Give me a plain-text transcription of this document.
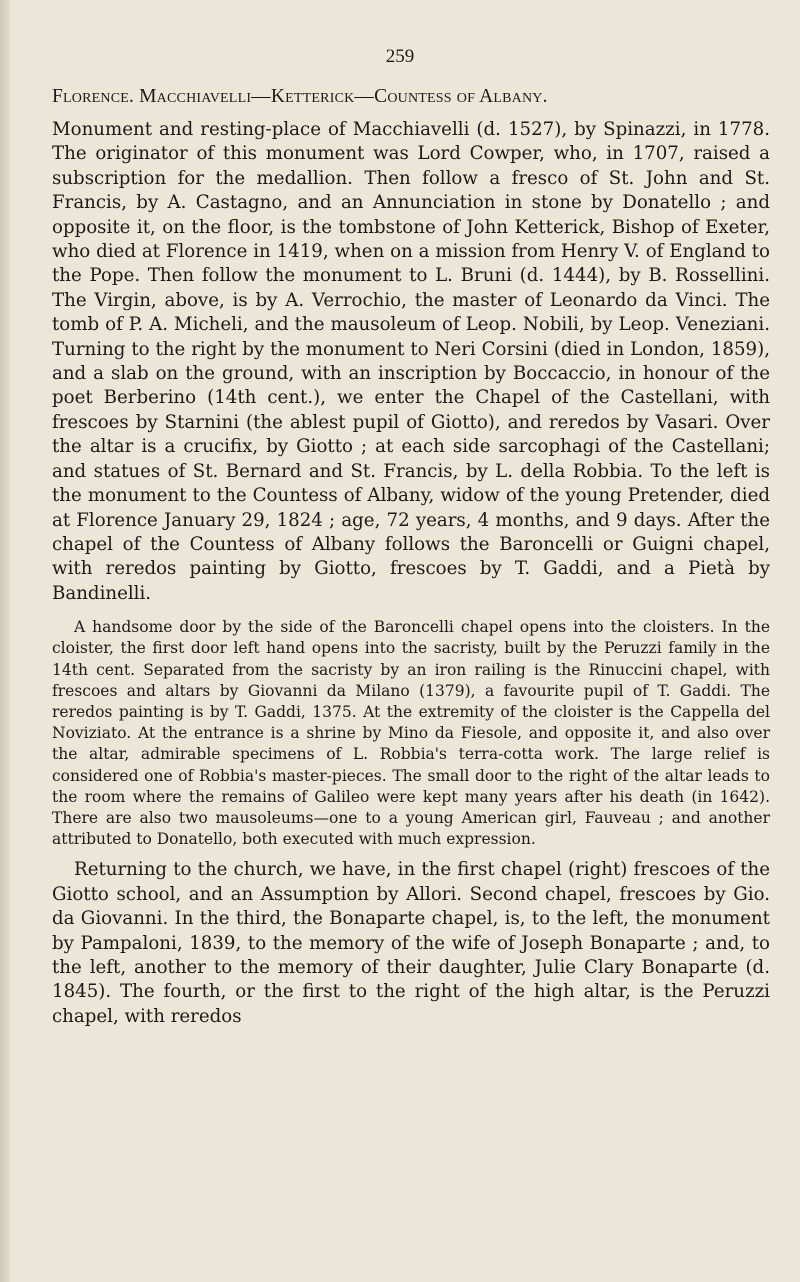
259

Florence. Macchiavelli—Ketterick—Countess of Albany.

Monument and resting-place of Macchiavelli (d. 1527), by Spinazzi, in 1778. The originator of this monument was Lord Cowper, who, in 1707, raised a subscription for the medallion. Then follow a fresco of St. John and St. Francis, by A. Castagno, and an Annunciation in stone by Donatello ; and opposite it, on the floor, is the tombstone of John Ketterick, Bishop of Exeter, who died at Florence in 1419, when on a mission from Henry V. of England to the Pope. Then follow the monument to L. Bruni (d. 1444), by B. Rossellini. The Virgin, above, is by A. Verrochio, the master of Leonardo da Vinci. The tomb of P. A. Micheli, and the mausoleum of Leop. Nobili, by Leop. Veneziani. Turning to the right by the monument to Neri Corsini (died in London, 1859), and a slab on the ground, with an inscription by Boccaccio, in honour of the poet Berberino (14th cent.), we enter the Chapel of the Castellani, with frescoes by Starnini (the ablest pupil of Giotto), and reredos by Vasari. Over the altar is a crucifix, by Giotto ; at each side sarcophagi of the Castellani; and statues of St. Bernard and St. Francis, by L. della Robbia. To the left is the monument to the Countess of Albany, widow of the young Pretender, died at Florence January 29, 1824 ; age, 72 years, 4 months, and 9 days. After the chapel of the Countess of Albany follows the Baroncelli or Guigni chapel, with reredos painting by Giotto, frescoes by T. Gaddi, and a Pietà by Bandinelli.

A handsome door by the side of the Baroncelli chapel opens into the cloisters. In the cloister, the first door left hand opens into the sacristy, built by the Peruzzi family in the 14th cent. Separated from the sacristy by an iron railing is the Rinuccini chapel, with frescoes and altars by Giovanni da Milano (1379), a favourite pupil of T. Gaddi. The reredos painting is by T. Gaddi, 1375. At the extremity of the cloister is the Cappella del Noviziato. At the entrance is a shrine by Mino da Fiesole, and opposite it, and also over the altar, admirable specimens of L. Robbia's terra-cotta work. The large relief is considered one of Robbia's master-pieces. The small door to the right of the altar leads to the room where the remains of Galileo were kept many years after his death (in 1642). There are also two mausoleums—one to a young American girl, Fauveau ; and another attributed to Donatello, both executed with much expression.

Returning to the church, we have, in the first chapel (right) frescoes of the Giotto school, and an Assumption by Allori. Second chapel, frescoes by Gio. da Giovanni. In the third, the Bonaparte chapel, is, to the left, the monument by Pampaloni, 1839, to the memory of the wife of Joseph Bonaparte ; and, to the left, another to the memory of their daughter, Julie Clary Bonaparte (d. 1845). The fourth, or the first to the right of the high altar, is the Peruzzi chapel, with reredos
